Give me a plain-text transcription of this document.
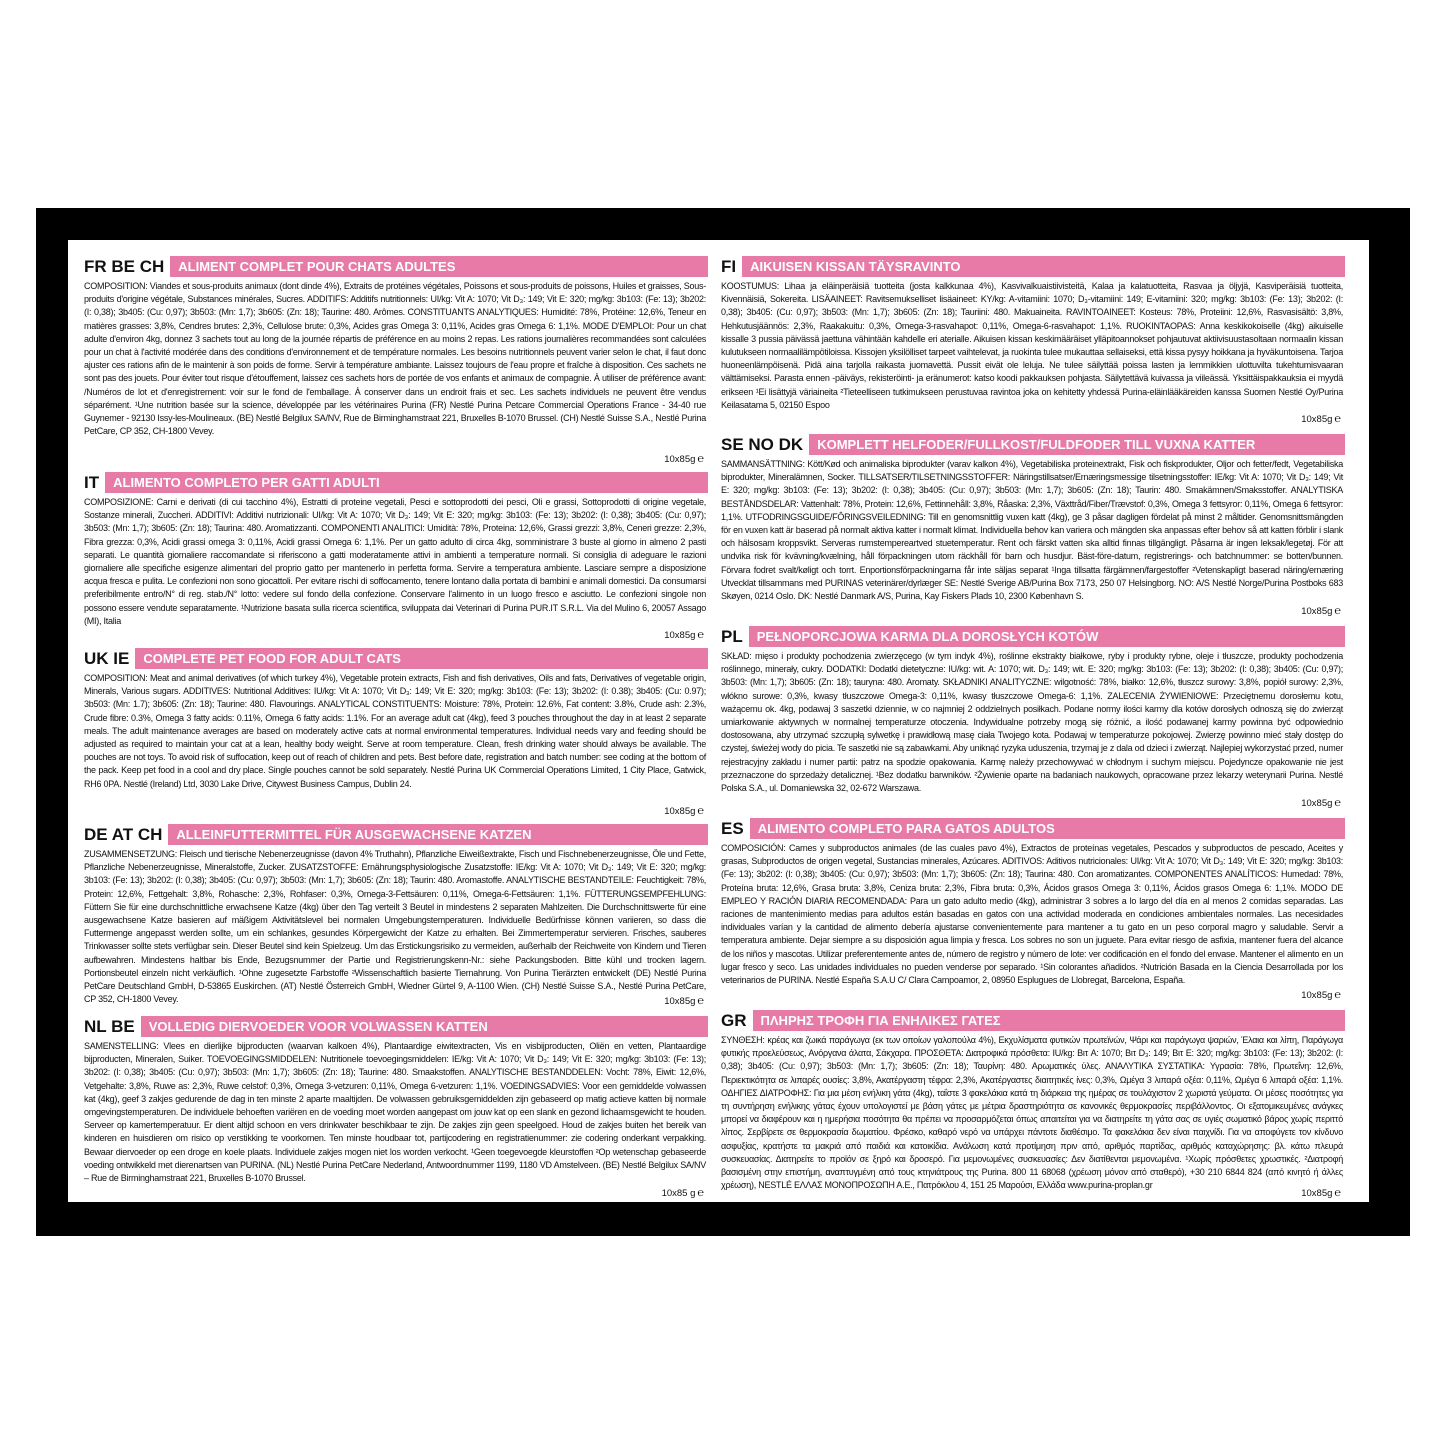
FR BE CH	ALIMENT COMPLET POUR CHATS ADULTES
COMPOSITION: Viandes et sous-produits animaux (dont dinde 4%), Extraits de protéines végétales, Poissons et sous-produits de poissons, Huiles et graisses, Sous-produits d'origine végétale, Substances minérales, Sucres. ADDITIFS: Additifs nutritionnels: UI/kg: Vit A: 1070; Vit D₃: 149; Vit E: 320; mg/kg: 3b103: (Fe: 13); 3b202: (I: 0,38); 3b405: (Cu: 0,97); 3b503: (Mn: 1,7); 3b605: (Zn: 18); Taurine: 480. Arômes. CONSTITUANTS ANALYTIQUES: Humidité: 78%, Protéine: 12,6%, Teneur en matières grasses: 3,8%, Cendres brutes: 2,3%, Cellulose brute: 0,3%, Acides gras Omega 3: 0,11%, Acides gras Omega 6: 1,1%. MODE D'EMPLOI: Pour un chat adulte d'environ 4kg, donnez 3 sachets tout au long de la journée répartis de préférence en au moins 2 repas. Les rations journalières recommandées sont calculées pour un chat à l'activité modérée dans des conditions d'environnement et de température normales. Les besoins nutritionnels peuvent varier selon le chat, il faut donc ajuster ces rations afin de le maintenir à son poids de forme. Servir à température ambiante. Laissez toujours de l'eau propre et fraîche à disposition. Ces sachets ne sont pas des jouets. Pour éviter tout risque d'étouffement, laissez ces sachets hors de portée de vos enfants et animaux de compagnie. À utiliser de préférence avant: /Numéros de lot et d'enregistrement: voir sur le fond de l'emballage. À conserver dans un endroit frais et sec. Les sachets individuels ne peuvent être vendus séparément. ¹Une nutrition basée sur la science, développée par les vétérinaires Purina (FR) Nestlé Purina Petcare Commercial Operations France - 34-40 rue Guynemer - 92130 Issy-les-Moulineaux. (BE) Nestlé Belgilux SA/NV, Rue de Birminghamstraat 221, Bruxelles B-1070 Brussel. (CH) Nestlé Suisse S.A., Nestlé Purina PetCare, CP 352, CH-1800 Vevey.
10x85g ℮
IT	ALIMENTO COMPLETO PER GATTI ADULTI
COMPOSIZIONE: Carni e derivati (di cui tacchino 4%), Estratti di proteine vegetali, Pesci e sottoprodotti dei pesci, Oli e grassi, Sottoprodotti di origine vegetale, Sostanze minerali, Zuccheri. ADDITIVI: Additivi nutrizionali: UI/kg: Vit A: 1070; Vit D₃: 149; Vit E: 320; mg/kg: 3b103: (Fe: 13); 3b202: (I: 0,38); 3b405: (Cu: 0,97); 3b503: (Mn: 1,7); 3b605: (Zn: 18); Taurina: 480. Aromatizzanti. COMPONENTI ANALITICI: Umidità: 78%, Proteina: 12,6%, Grassi grezzi: 3,8%, Ceneri grezze: 2,3%, Fibra grezza: 0,3%, Acidi grassi omega 3: 0,11%, Acidi grassi Omega 6: 1,1%. Per un gatto adulto di circa 4kg, somministrare 3 buste al giorno in almeno 2 pasti separati. Le quantità giornaliere raccomandate si riferiscono a gatti moderatamente attivi in ambienti a temperature normali. Si consiglia di adeguare le razioni giornaliere alle specifiche esigenze alimentari del proprio gatto per mantenerlo in perfetta forma. Servire a temperatura ambiente. Lasciare sempre a disposizione acqua fresca e pulita. Le confezioni non sono giocattoli. Per evitare rischi di soffocamento, tenere lontano dalla portata di bambini e animali domestici. Da consumarsi preferibilmente entro/N° di reg. stab./N° lotto: vedere sul fondo della confezione. Conservare l'alimento in un luogo fresco e asciutto. Le confezioni singole non possono essere vendute separatamente. ¹Nutrizione basata sulla ricerca scientifica, sviluppata dai Veterinari di Purina PUR.IT S.R.L. Via del Mulino 6, 20057 Assago (MI), Italia
10x85g ℮
UK IE	COMPLETE PET FOOD FOR ADULT CATS
COMPOSITION: Meat and animal derivatives (of which turkey 4%), Vegetable protein extracts, Fish and fish derivatives, Oils and fats, Derivatives of vegetable origin, Minerals, Various sugars. ADDITIVES: Nutritional Additives: IU/kg: Vit A: 1070; Vit D₃: 149; Vit E: 320; mg/kg: 3b103: (Fe: 13); 3b202: (I: 0.38); 3b405: (Cu: 0.97); 3b503: (Mn: 1.7); 3b605: (Zn: 18); Taurine: 480. Flavourings. ANALYTICAL CONSTITUENTS: Moisture: 78%, Protein: 12.6%, Fat content: 3.8%, Crude ash: 2.3%, Crude fibre: 0.3%, Omega 3 fatty acids: 0.11%, Omega 6 fatty acids: 1.1%. For an average adult cat (4kg), feed 3 pouches throughout the day in at least 2 separate meals. The adult maintenance averages are based on moderately active cats at normal environmental temperatures. Individual needs vary and feeding should be adjusted as required to maintain your cat at a lean, healthy body weight. Serve at room temperature. Clean, fresh drinking water should always be available. The pouches are not toys. To avoid risk of suffocation, keep out of reach of children and pets. Best before date, registration and batch number: see coding at the bottom of the pack. Keep pet food in a cool and dry place. Single pouches cannot be sold separately. Nestlé Purina UK Commercial Operations Limited, 1 City Place, Gatwick, RH6 0PA. Nestlé (Ireland) Ltd, 3030 Lake Drive, Citywest Business Campus, Dublin 24.
10x85g ℮
DE AT CH	ALLEINFUTTERMITTEL FÜR AUSGEWACHSENE KATZEN
ZUSAMMENSETZUNG: Fleisch und tierische Nebenerzeugnisse (davon 4% Truthahn), Pflanzliche Eiweißextrakte, Fisch und Fischnebenerzeugnisse, Öle und Fette, Pflanzliche Nebenerzeugnisse, Mineralstoffe, Zucker. ZUSATZSTOFFE: Ernährungsphysiologische Zusatzstoffe: IE/kg: Vit A: 1070; Vit D₃: 149; Vit E: 320; mg/kg: 3b103: (Fe: 13); 3b202: (I: 0,38); 3b405: (Cu: 0,97); 3b503: (Mn: 1,7); 3b605: (Zn: 18); Taurin: 480. Aromastoffe. ANALYTISCHE BESTANDTEILE: Feuchtigkeit: 78%, Protein: 12,6%, Fettgehalt: 3,8%, Rohasche: 2,3%, Rohfaser: 0,3%, Omega-3-Fettsäuren: 0,11%, Omega-6-Fettsäuren: 1,1%. FÜTTERUNGSEMPFEHLUNG: Füttern Sie für eine durchschnittliche erwachsene Katze (4kg) über den Tag verteilt 3 Beutel in mindestens 2 separaten Mahlzeiten. Die Durchschnittswerte für eine ausgewachsene Katze basieren auf mäßigem Aktivitätslevel bei normalen Umgebungstemperaturen. Individuelle Bedürfnisse können variieren, so dass die Futtermenge angepasst werden sollte, um ein schlankes, gesundes Körpergewicht der Katze zu erhalten. Bei Zimmertemperatur servieren. Frisches, sauberes Trinkwasser sollte stets verfügbar sein. Dieser Beutel sind kein Spielzeug. Um das Erstickungsrisiko zu vermeiden, außerhalb der Reichweite von Kindern und Tieren aufbewahren. Mindestens haltbar bis Ende, Bezugsnummer der Partie und Registrierungskenn-Nr.: siehe Packungsboden. Bitte kühl und trocken lagern. Portionsbeutel einzeln nicht verkäuflich. ¹Ohne zugesetzte Farbstoffe ²Wissenschaftlich basierte Tiernahrung. Von Purina Tierärzten entwickelt (DE) Nestlé Purina PetCare Deutschland GmbH, D-53865 Euskirchen. (AT) Nestlé Österreich GmbH, Wiedner Gürtel 9, A-1100 Wien. (CH) Nestlé Suisse S.A., Nestlé Purina PetCare, CP 352, CH-1800 Vevey.	10x85g ℮
NL BE	VOLLEDIG DIERVOEDER VOOR VOLWASSEN KATTEN
SAMENSTELLING: Vlees en dierlijke bijproducten (waarvan kalkoen 4%), Plantaardige eiwitextracten, Vis en visbijproducten, Oliën en vetten, Plantaardige bijproducten, Mineralen, Suiker. TOEVOEGINGSMIDDELEN: Nutritionele toevoegingsmiddelen: IE/kg: Vit A: 1070; Vit D₃: 149; Vit E: 320; mg/kg: 3b103: (Fe: 13); 3b202: (I: 0,38); 3b405: (Cu: 0,97); 3b503: (Mn: 1,7); 3b605: (Zn: 18); Taurine: 480. Smaakstoffen. ANALYTISCHE BESTANDDELEN: Vocht: 78%, Eiwit: 12,6%, Vetgehalte: 3,8%, Ruwe as: 2,3%, Ruwe celstof: 0,3%, Omega 3-vetzuren: 0,11%, Omega 6-vetzuren: 1,1%. VOEDINGSADVIES: Voor een gemiddelde volwassen kat (4kg), geef 3 zakjes gedurende de dag in ten minste 2 aparte maaltijden. De volwassen gebruiksgemiddelden zijn gebaseerd op matig actieve katten bij normale omgevingstemperaturen. De individuele behoeften variëren en de voeding moet worden aangepast om jouw kat op een slank en gezond lichaamsgewicht te houden. Serveer op kamertemperatuur. Er dient altijd schoon en vers drinkwater beschikbaar te zijn. De zakjes zijn geen speelgoed. Houd de zakjes buiten het bereik van kinderen en huisdieren om risico op verstikking te voorkomen. Ten minste houdbaar tot, partijcodering en registratienummer: zie codering onderkant verpakking. Bewaar diervoeder op een droge en koele plaats. Individuele zakjes mogen niet los worden verkocht. ¹Geen toegevoegde kleurstoffen ²Op wetenschap gebaseerde voeding ontwikkeld met dierenartsen van PURINA. (NL) Nestlé Purina PetCare Nederland, Antwoordnummer 1199, 1180 VD Amstelveen. (BE) Nestlé Belgilux SA/NV – Rue de Birminghamstraat 221, Bruxelles B-1070 Brussel.
10x85 g ℮
FI	AIKUISEN KISSAN TÄYSRAVINTO
KOOSTUMUS: Lihaa ja eläinperäisiä tuotteita (josta kalkkunaa 4%), Kasvivalkuaistiivisteitä, Kalaa ja kalatuotteita, Rasvaa ja öljyjä, Kasviperäisiä tuotteita, Kivennäisiä, Sokereita. LISÄAINEET: Ravitsemukselliset lisäaineet: KY/kg: A-vitamiini: 1070; D₃-vitamiini: 149; E-vitamiini: 320; mg/kg: 3b103: (Fe: 13); 3b202: (I: 0,38); 3b405: (Cu: 0,97); 3b503: (Mn: 1,7); 3b605: (Zn: 18); Tauriini: 480. Makuaineita. RAVINTOAINEET: Kosteus: 78%, Proteiini: 12,6%, Rasvasisältö: 3,8%, Hehkutusjäännös: 2,3%, Raakakuitu: 0,3%, Omega-3-rasvahapot: 0,11%, Omega-6-rasvahapot: 1,1%. RUOKINTAOPAS: Anna keskikokoiselle (4kg) aikuiselle kissalle 3 pussia päivässä jaettuna vähintään kahdelle eri aterialle. Aikuisen kissan keskimääräiset ylläpitoannokset pohjautuvat aktiivisuustasoltaan normaalin kissan kulutukseen normaalilämpötiloissa. Kissojen yksilölliset tarpeet vaihtelevat, ja ruokinta tulee mukauttaa sellaiseksi, että kissa pysyy hoikkana ja hyväkuntoisena. Tarjoa huoneenlämpöisenä. Pidä aina tarjolla raikasta juomavettä. Pussit eivät ole leluja. Ne tulee säilyttää poissa lasten ja lemmikkien ulottuvilta tukehtumisvaaran välttämiseksi. Parasta ennen -päiväys, rekisteröinti- ja eränumerot: katso koodi pakkauksen pohjasta. Säilytettävä kuivassa ja viileässä. Yksittäispakkauksia ei myydä erikseen ¹Ei lisättyjä väriaineita ²Tieteelliseen tutkimukseen perustuvaa ravintoa joka on kehitetty yhdessä Purina-eläinlääkäreiden kanssa Suomen Nestlé Oy/Purina Keilasatama 5, 02150 Espoo
10x85g ℮
SE NO DK	KOMPLETT HELFODER/FULLKOST/FULDFODER TILL VUXNA KATTER
SAMMANSÄTTNING: Kött/Kød och animaliska biprodukter (varav kalkon 4%), Vegetabiliska proteinextrakt, Fisk och fiskprodukter, Oljor och fetter/fedt, Vegetabiliska biprodukter, Mineralämnen, Socker. TILLSATSER/TILSETNINGSSTOFFER: Näringstillsatser/Ernæringsmessige tilsetningsstoffer: IE/kg: Vit A: 1070; Vit D₃: 149; Vit E: 320; mg/kg: 3b103: (Fe: 13); 3b202: (I: 0,38); 3b405: (Cu: 0,97); 3b503: (Mn: 1,7); 3b605: (Zn: 18); Taurin: 480. Smakämnen/Smaksstoffer. ANALYTISKA BESTÅNDSDELAR: Vattenhalt: 78%, Protein: 12,6%, Fettinnehåll: 3,8%, Råaska: 2,3%, Växttråd/Fiber/Trævstof: 0,3%, Omega 3 fettsyror: 0,11%, Omega 6 fettsyror: 1,1%. UTFODRINGSGUIDE/FÔRINGSVEILEDNING: Till en genomsnittlig vuxen katt (4kg), ge 3 påsar dagligen fördelat på minst 2 måltider. Genomsnittsmängden för en vuxen katt är baserad på normalt aktiva katter i normalt klimat. Individuella behov kan variera och mängden ska anpassas efter behov så att katten förblir i slank och hälsosam kroppsvikt. Serveras rumstempereartved stuetemperatur. Rent och färskt vatten ska alltid finnas tillgängligt. Påsarna är ingen leksak/legetøj. För att undvika risk för kvävning/kvælning, håll förpackningen utom räckhåll för barn och husdjur. Bäst-före-datum, registrerings- och batchnummer: se botten/bunnen. Förvara fodret svalt/køligt och torrt. Enportionsförpackningarna får inte säljas separat ¹Inga tillsatta färgämnen/fargestoffer ²Vetenskapligt baserad näring/ernæring Utvecklat tillsammans med PURINAS veterinärer/dyrlæger SE: Nestlé Sverige AB/Purina Box 7173, 250 07 Helsingborg. NO: A/S Nestlé Norge/Purina Postboks 683 Skøyen, 0214 Oslo. DK: Nestlé Danmark A/S, Purina, Kay Fiskers Plads 10, 2300 København S.
10x85g ℮
PL	PEŁNOPORCJOWA KARMA DLA DOROSŁYCH KOTÓW
SKŁAD: mięso i produkty pochodzenia zwierzęcego (w tym indyk 4%), roślinne ekstrakty białkowe, ryby i produkty rybne, oleje i tłuszcze, produkty pochodzenia roślinnego, minerały, cukry. DODATKI: Dodatki dietetyczne: IU/kg: wit. A: 1070; wit. D₃: 149; wit. E: 320; mg/kg: 3b103: (Fe: 13); 3b202: (I: 0,38); 3b405: (Cu: 0,97); 3b503: (Mn: 1,7); 3b605: (Zn: 18); tauryna: 480. Aromaty. SKŁADNIKI ANALITYCZNE: wilgotność: 78%, białko: 12,6%, tłuszcz surowy: 3,8%, popiół surowy: 2,3%, włókno surowe: 0,3%, kwasy tłuszczowe Omega-3: 0,11%, kwasy tłuszczowe Omega-6: 1,1%. ZALECENIA ŻYWIENIOWE: Przeciętnemu dorosłemu kotu, ważącemu ok. 4kg, podawaj 3 saszetki dziennie, w co najmniej 2 oddzielnych posiłkach. Podane normy ilości karmy dla kotów dorosłych odnoszą się do zwierząt umiarkowanie aktywnych w normalnej temperaturze otoczenia. Indywidualne potrzeby mogą się różnić, a ilość podawanej karmy powinna być odpowiednio dostosowana, aby utrzymać szczupłą sylwetkę i prawidłową masę ciała Twojego kota. Podawaj w temperaturze pokojowej. Zwierzę powinno mieć stały dostęp do czystej, świeżej wody do picia. Te saszetki nie są zabawkami. Aby uniknąć ryzyka uduszenia, trzymaj je z dala od dzieci i zwierząt. Najlepiej wykorzystać przed, numer rejestracyjny zakładu i numer partii: patrz na spodzie opakowania. Karmę należy przechowywać w chłodnym i suchym miejscu. Pojedyncze opakowanie nie jest przeznaczone do sprzedaży detalicznej. ¹Bez dodatku barwników. ²Żywienie oparte na badaniach naukowych, opracowane przez lekarzy weterynarii Purina. Nestlé Polska S.A., ul. Domaniewska 32, 02-672 Warszawa.
10x85g ℮
ES	ALIMENTO COMPLETO PARA GATOS ADULTOS
COMPOSICIÓN: Carnes y subproductos animales (de las cuales pavo 4%), Extractos de proteínas vegetales, Pescados y subproductos de pescado, Aceites y grasas, Subproductos de origen vegetal, Sustancias minerales, Azúcares. ADITIVOS: Aditivos nutricionales: UI/kg: Vit A: 1070; Vit D₃: 149; Vit E: 320; mg/kg: 3b103: (Fe: 13); 3b202: (I: 0,38); 3b405: (Cu: 0,97); 3b503: (Mn: 1,7); 3b605: (Zn: 18); Taurina: 480. Con aromatizantes. COMPONENTES ANALÍTICOS: Humedad: 78%, Proteína bruta: 12,6%, Grasa bruta: 3,8%, Ceniza bruta: 2,3%, Fibra bruta: 0,3%, Ácidos grasos Omega 3: 0,11%, Ácidos grasos Omega 6: 1,1%. MODO DE EMPLEO Y RACIÓN DIARIA RECOMENDADA: Para un gato adulto medio (4kg), administrar 3 sobres a lo largo del día en al menos 2 comidas separadas. Las raciones de mantenimiento medias para adultos están basadas en gatos con una actividad moderada en condiciones ambientales normales. Las necesidades individuales varían y la cantidad de alimento debería ajustarse convenientemente para mantener a tu gato en un peso corporal magro y saludable. Servir a temperatura ambiente. Dejar siempre a su disposición agua limpia y fresca. Los sobres no son un juguete. Para evitar riesgo de asfixia, mantener fuera del alcance de los niños y mascotas. Utilizar preferentemente antes de, número de registro y número de lote: ver codificación en el fondo del envase. Mantener el alimento en un lugar fresco y seco. Las unidades individuales no pueden venderse por separado. ¹Sin colorantes añadidos. ²Nutrición Basada en la Ciencia Desarrollada por los veterinarios de PURINA. Nestlé España S.A.U C/ Clara Campoamor, 2, 08950 Esplugues de Llobregat, Barcelona, España.
10x85g ℮
GR	ΠΛΗΡΗΣ ΤΡΟΦΗ ΓΙΑ ΕΝΗΛΙΚΕΣ ΓΑΤΕΣ
ΣΥΝΘΕΣΗ: κρέας και ζωικά παράγωγα (εκ των οποίων γαλοπούλα 4%), Εκχυλίσματα φυτικών πρωτεϊνών, Ψάρι και παράγωγα ψαριών, Έλαια και λίπη, Παράγωγα φυτικής προελεύσεως, Ανόργανα άλατα, Σάκχαρα. ΠΡΟΣΘΕΤΑ: Διατροφικά πρόσθετα: IU/kg: Βιτ A: 1070; Βιτ D₃: 149; Βιτ E: 320; mg/kg: 3b103: (Fe: 13); 3b202: (I: 0,38); 3b405: (Cu: 0,97); 3b503: (Mn: 1,7); 3b605: (Zn: 18); Ταυρίνη: 480. Αρωματικές ύλες. ΑΝΑΛΥΤΙΚΑ ΣΥΣΤΑΤΙΚΑ: Υγρασία: 78%, Πρωτεΐνη: 12,6%, Περιεκτικότητα σε λιπαρές ουσίες: 3,8%, Ακατέργαστη τέφρα: 2,3%, Ακατέργαστες διαιτητικές ίνες: 0,3%, Ωμέγα 3 λιπαρά οξέα: 0,11%, Ωμέγα 6 λιπαρά οξέα: 1,1%. ΟΔΗΓΙΕΣ ΔΙΑΤΡΟΦΗΣ: Για μια μέση ενήλικη γάτα (4kg), ταΐστε 3 φακελάκια κατά τη διάρκεια της ημέρας σε τουλάχιστον 2 χωριστά γεύματα. Οι μέσες ποσότητες για τη συντήρηση ενήλικης γάτας έχουν υπολογιστεί με βάση γάτες με μέτρια δραστηριότητα σε κανονικές θερμοκρασίες περιβάλλοντος. Οι εξατομικευμένες ανάγκες μπορεί να διαφέρουν και η ημερήσια ποσότητα θα πρέπει να προσαρμόζεται όπως απαιτείται για να διατηρείτε τη γάτα σας σε υγιές σωματικό βάρος χωρίς περιττό λίπος. Σερβίρετε σε θερμοκρασία δωματίου. Φρέσκο, καθαρό νερό να υπάρχει πάντοτε διαθέσιμο. Τα φακελάκια δεν είναι παιχνίδι. Για να αποφύγετε τον κίνδυνο ασφυξίας, κρατήστε τα μακριά από παιδιά και κατοικίδια. Ανάλωση κατά προτίμηση πριν από, αριθμός παρτίδας, αριθμός καταχώρησης: βλ. κάτω πλευρά συσκευασίας. Διατηρείτε το προϊόν σε ξηρό και δροσερό. Για μεμονωμένες συσκευασίες: Δεν διατίθενται μεμονωμένα. ¹Χωρίς πρόσθετες χρωστικές. ²Διατροφή βασισμένη στην επιστήμη, αναπτυγμένη από τους κτηνιάτρους της Purina. 800 11 68068 (χρέωση μόνον από σταθερό), +30 210 6844 824 (από κινητό ή άλλες χρέωση), NESTLÉ ΕΛΛΑΣ ΜΟΝΟΠΡΟΣΩΠΗ Α.Ε., Πατρόκλου 4, 151 25 Μαρούσι, Ελλάδα www.purina-proplan.gr
10x85g ℮
